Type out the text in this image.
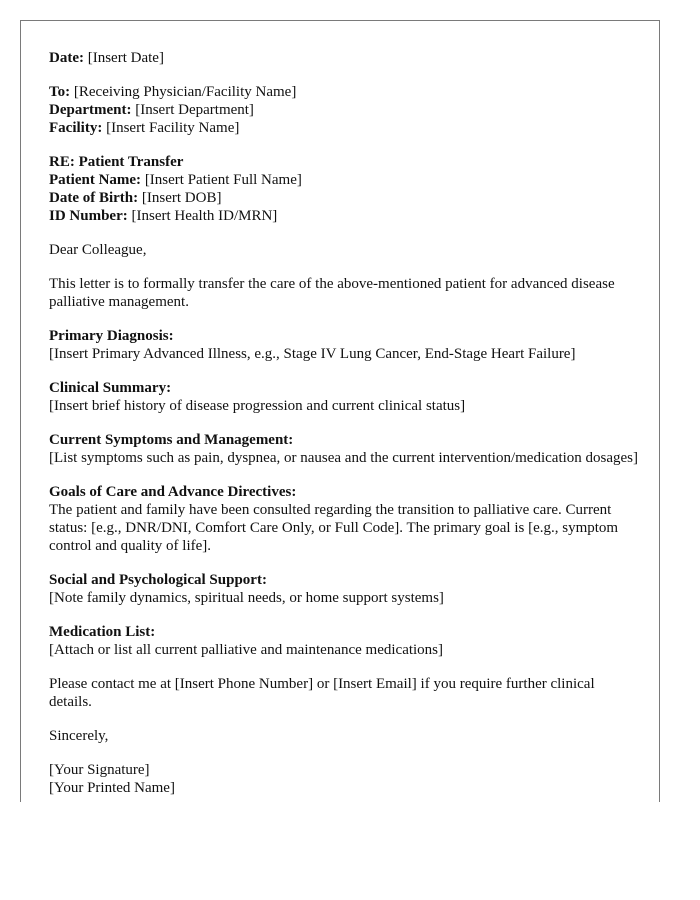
Date: [Insert Date]
To: [Receiving Physician/Facility Name]
Department: [Insert Department]
Facility: [Insert Facility Name]
RE: Patient Transfer
Patient Name: [Insert Patient Full Name]
Date of Birth: [Insert DOB]
ID Number: [Insert Health ID/MRN]
Dear Colleague,
This letter is to formally transfer the care of the above-mentioned patient for advanced disease palliative management.
Primary Diagnosis:
[Insert Primary Advanced Illness, e.g., Stage IV Lung Cancer, End-Stage Heart Failure]
Clinical Summary:
[Insert brief history of disease progression and current clinical status]
Current Symptoms and Management:
[List symptoms such as pain, dyspnea, or nausea and the current intervention/medication dosages]
Goals of Care and Advance Directives:
The patient and family have been consulted regarding the transition to palliative care. Current status: [e.g., DNR/DNI, Comfort Care Only, or Full Code]. The primary goal is [e.g., symptom control and quality of life].
Social and Psychological Support:
[Note family dynamics, spiritual needs, or home support systems]
Medication List:
[Attach or list all current palliative and maintenance medications]
Please contact me at [Insert Phone Number] or [Insert Email] if you require further clinical details.
Sincerely,
[Your Signature]
[Your Printed Name]
